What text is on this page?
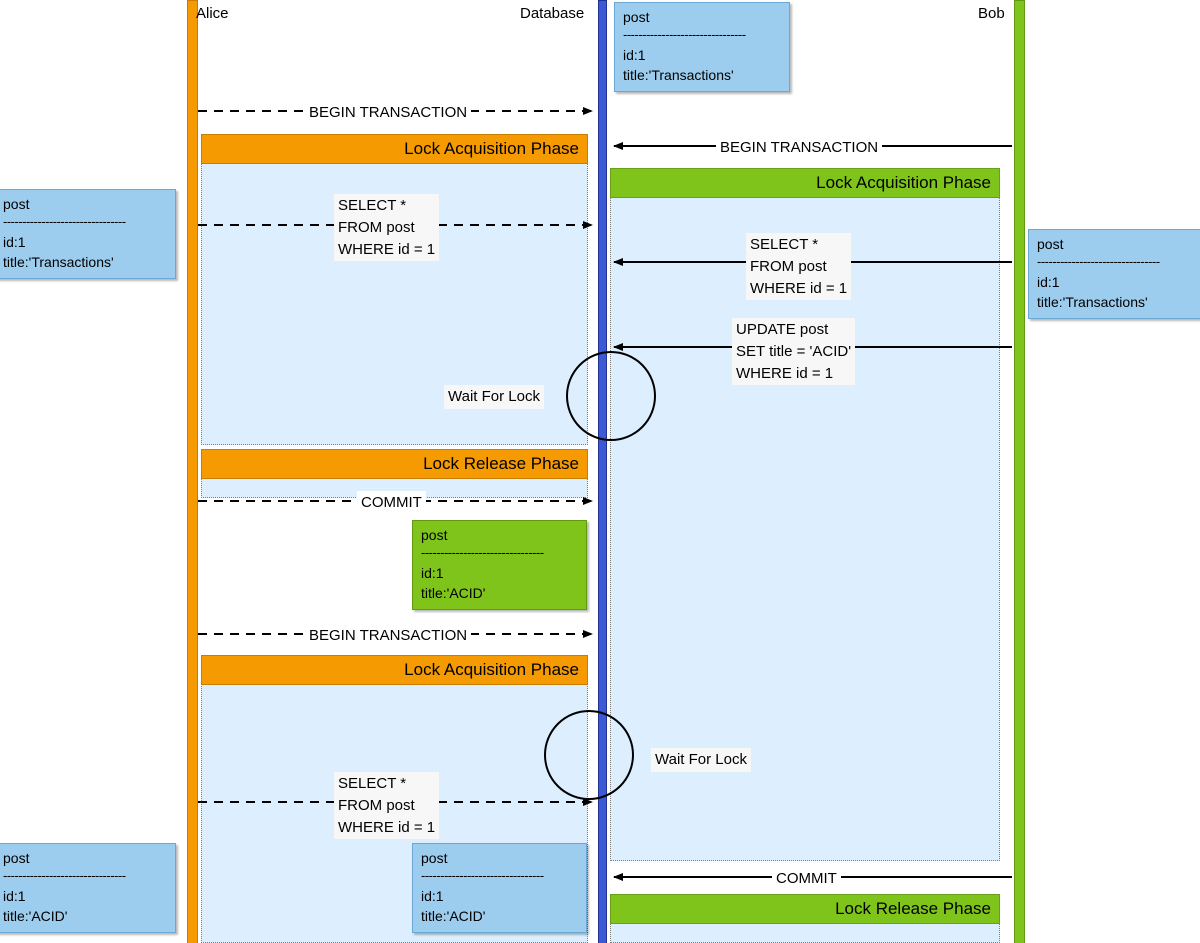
Alice	Database	Bob
Lock Acquisition Phase
Lock Release Phase
Lock Acquisition Phase
Lock Release Phase
Lock Acquisition Phase
BEGIN TRANSACTION
BEGIN TRANSACTION
SELECT *
FROM post
WHERE id = 1	SELECT *
FROM post
WHERE id = 1
UPDATE post
SET title = 'ACID'
WHERE id = 1
Wait For Lock
COMMIT
BEGIN TRANSACTION
Wait For Lock
SELECT *
FROM post
WHERE id = 1
COMMIT
post
--------------------------------
id:1
title:'Transactions'
post
--------------------------------
id:1
title:'Transactions'
post
--------------------------------
id:1
title:'Transactions'
post
--------------------------------
id:1
title:'ACID'
post
--------------------------------
id:1
title:'ACID'
post
--------------------------------
id:1
title:'ACID'
